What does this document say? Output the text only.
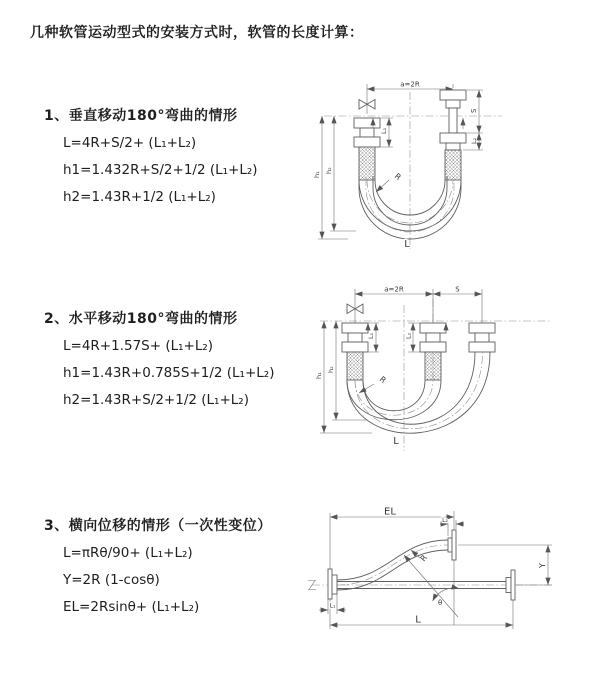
几种软管运动型式的安装方式时，软管的长度计算：
1、垂直移动180°弯曲的情形
L=4R+S/2+ (L₁+L₂)
h1=1.432R+S/2+1/2 (L₁+L₂)
h2=1.43R+1/2 (L₁+L₂)
2、水平移动180°弯曲的情形
L=4R+1.57S+ (L₁+L₂)
h1=1.43R+0.785S+1/2 (L₁+L₂)
h2=1.43R+S/2+1/2 (L₁+L₂)
3、横向位移的情形（一次性变位）
L=πRθ/90+ (L₁+L₂)
Y=2R (1-cosθ)
EL=2Rsinθ+ (L₁+L₂)
a=2R
R
h₁
h₂
S
L₂
L₁
L
a=2R	S
R
h₁
h₂
L₁	L₂
L
EL
L₂
Y
θ
R
L
L₁
